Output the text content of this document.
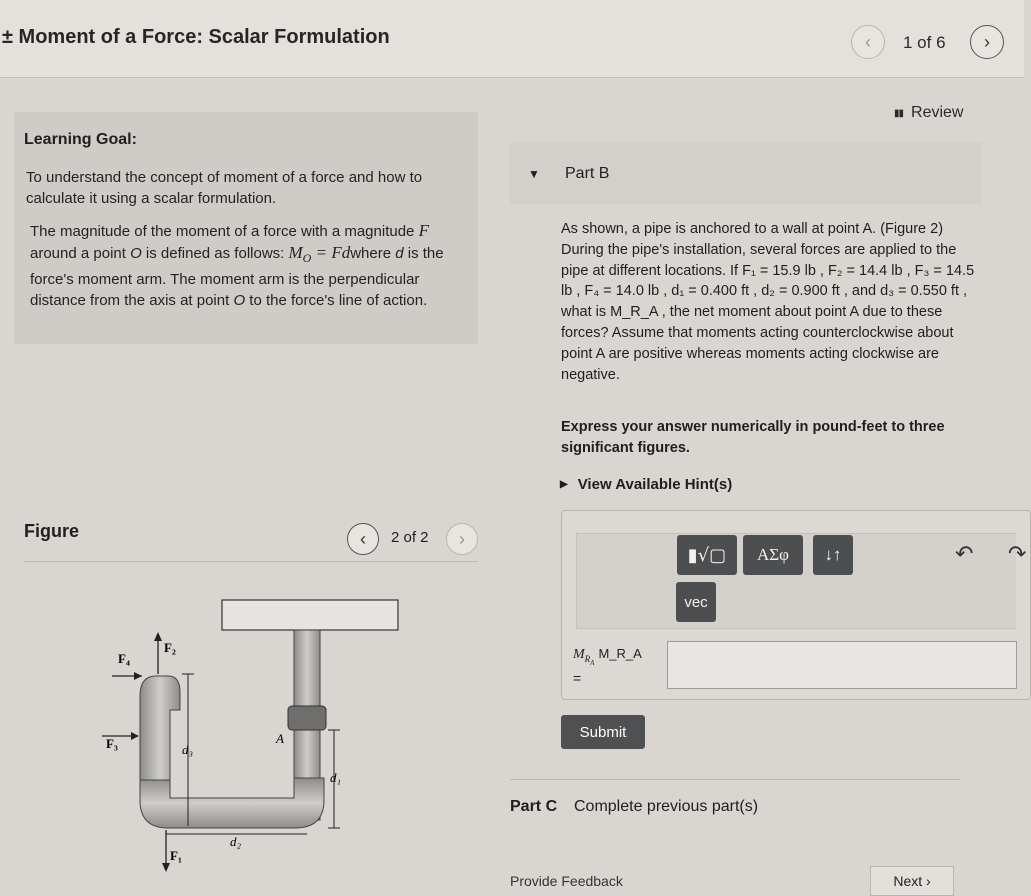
± Moment of a Force: Scalar Formulation	‹ 1 of 6 ›
Learning Goal:
To understand the concept of moment of a force and how to calculate it using a scalar formulation.
The magnitude of the moment of a force with a magnitude F around a point O is defined as follows: $M_O$ = Fdwhere d is the force's moment arm. The moment arm is the perpendicular distance from the axis at point O to the force's line of action.
Figure	‹ 2 of 2 ›
F₄
F₂
F₃
F₁
d₃
d₁
d₂
A
▮▮ Review
▼ Part B
As shown, a pipe is anchored to a wall at point A. (Figure 2) During the pipe's installation, several forces are applied to the pipe at different locations. If F₁ = 15.9 lb , F₂ = 14.4 lb , F₃ = 14.5 lb , F₄ = 14.0 lb , d₁ = 0.400 ft , d₂ = 0.900 ft , and d₃ = 0.550 ft , what is M_R_A , the net moment about point A due to these forces? Assume that moments acting counterclockwise about point A are positive whereas moments acting clockwise are negative.
Express your answer numerically in pound-feet to three significant figures.
▶ View Available Hint(s)
▮√▢	ΑΣφ	↓↑
vec
↶ ↷
$M_{R_A}M\_R\_A$
=
Submit
Part C Complete previous part(s)
Provide Feedback	Next ›
